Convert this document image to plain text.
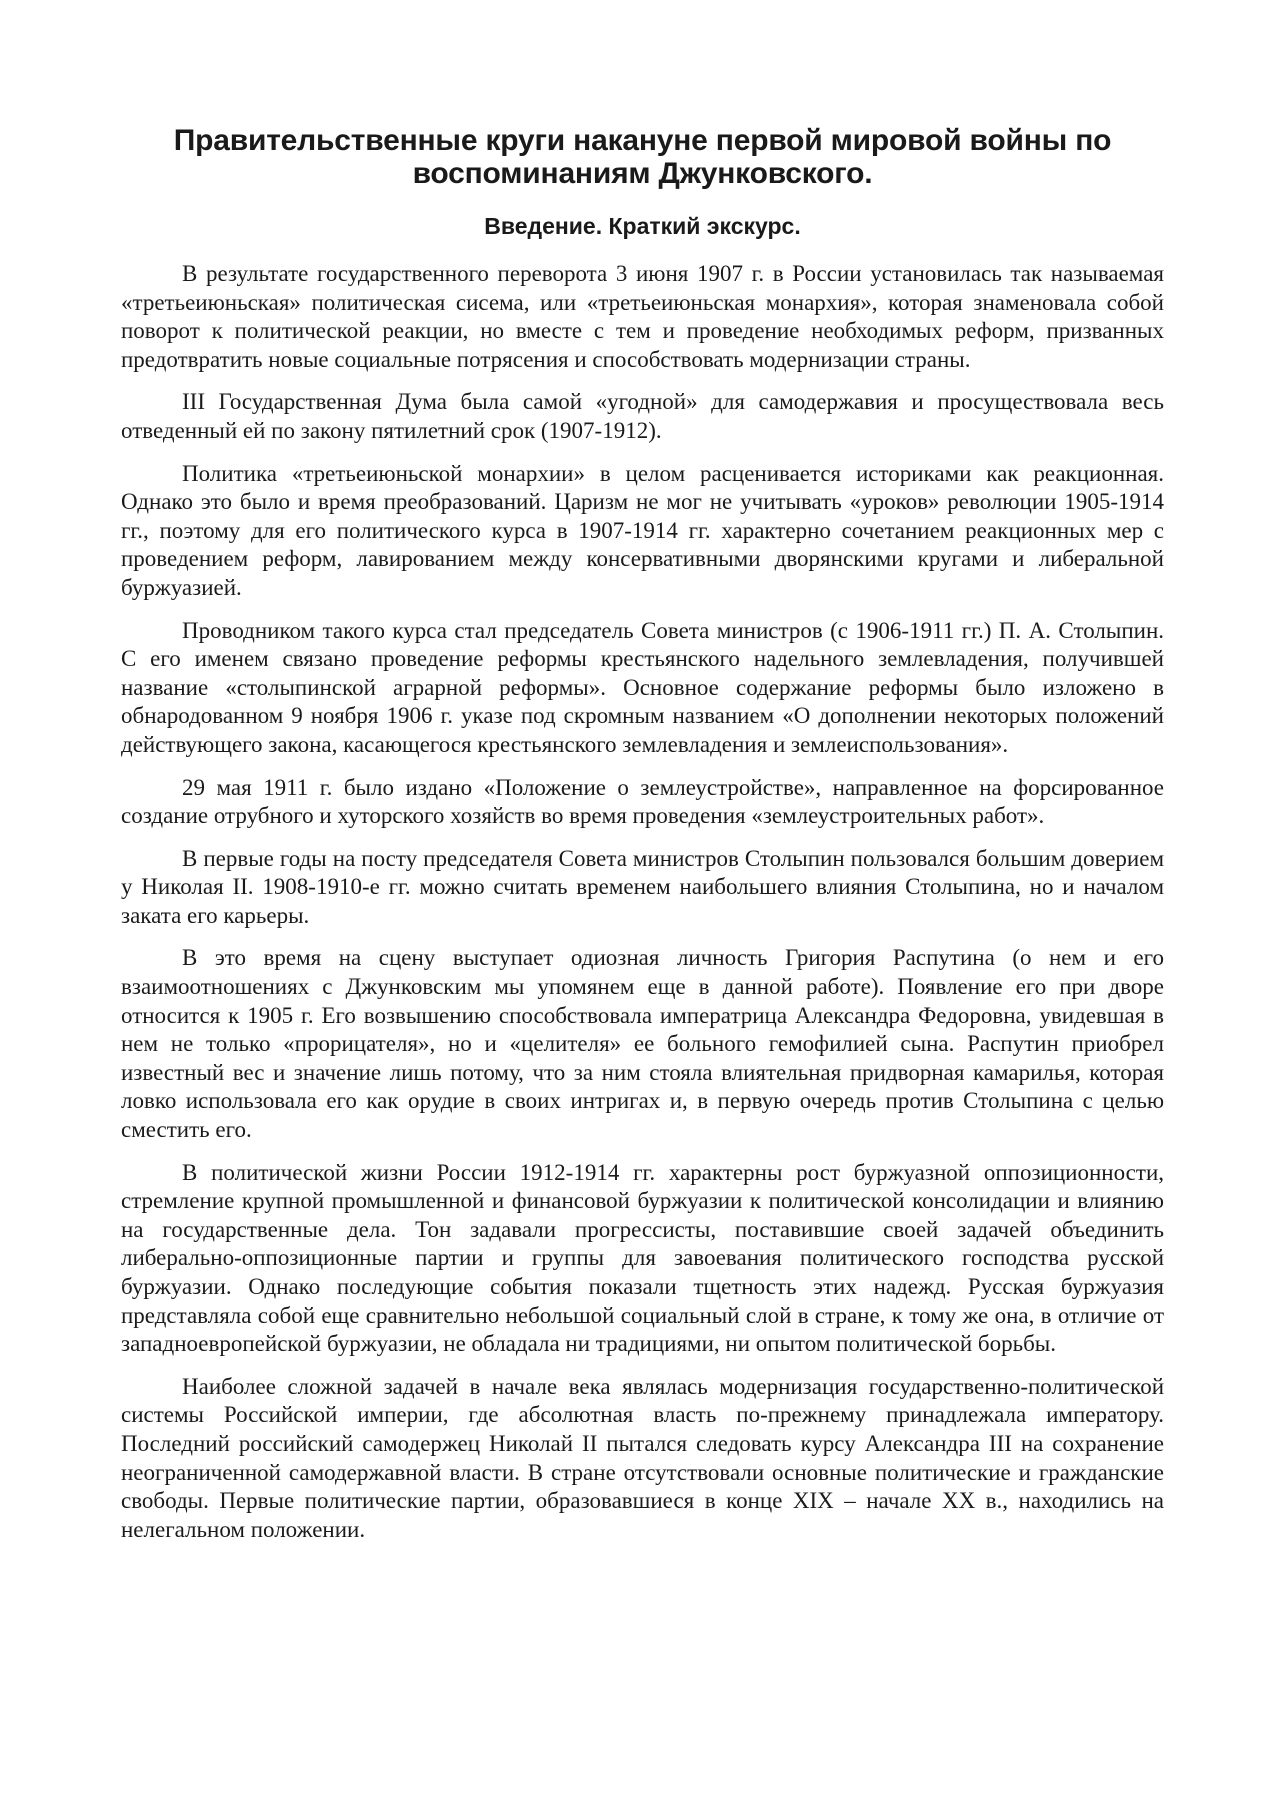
Правительственные круги накануне первой мировой войны по воспоминаниям Джунковского.
Введение. Краткий экскурс.

В результате государственного переворота 3 июня 1907 г. в России установилась так называемая «третьеиюньская» политическая сисема, или «третьеиюньская монархия», которая знаменовала собой поворот к политической реакции, но вместе с тем и проведение необходимых реформ, призванных предотвратить новые социальные потрясения и способствовать модернизации страны.

III Государственная Дума была самой «угодной» для самодержавия и просуществовала весь отведенный ей по закону пятилетний срок (1907-1912).

Политика «третьеиюньской монархии» в целом расценивается историками как реакционная. Однако это было и время преобразований. Царизм не мог не учитывать «уроков» революции 1905-1914 гг., поэтому для его политического курса в 1907-1914 гг. характерно сочетанием реакционных мер с проведением реформ, лавированием между консервативными дворянскими кругами и либеральной буржуазией.

Проводником такого курса стал председатель Совета министров (с 1906-1911 гг.) П. А. Столыпин. С его именем связано проведение реформы крестьянского надельного землевладения, получившей название «столыпинской аграрной реформы». Основное содержание реформы было изложено в обнародованном 9 ноября 1906 г. указе под скромным названием «О дополнении некоторых положений действующего закона, касающегося крестьянского землевладения и землеиспользования».

29 мая 1911 г. было издано «Положение о землеустройстве», направленное на форсированное создание отрубного и хуторского хозяйств во время проведения «землеустроительных работ».

В первые годы на посту председателя Совета министров Столыпин пользовался большим доверием у Николая II. 1908-1910-е гг. можно считать временем наибольшего влияния Столыпина, но и началом заката его карьеры.

В это время на сцену выступает одиозная личность Григория Распутина (о нем и его взаимоотношениях с Джунковским мы упомянем еще в данной работе). Появление его при дворе относится к 1905 г. Его возвышению способствовала императрица Александра Федоровна, увидевшая в нем не только «прорицателя», но и «целителя» ее больного гемофилией сына. Распутин приобрел известный вес и значение лишь потому, что за ним стояла влиятельная придворная камарилья, которая ловко использовала его как орудие в своих интригах и, в первую очередь против Столыпина с целью сместить его.

В политической жизни России 1912-1914 гг. характерны рост буржуазной оппозиционности, стремление крупной промышленной и финансовой буржуазии к политической консолидации и влиянию на государственные дела. Тон задавали прогрессисты, поставившие своей задачей объединить либерально-оппозиционные партии и группы для завоевания политического господства русской буржуазии. Однако последующие события показали тщетность этих надежд. Русская буржуазия представляла собой еще сравнительно небольшой социальный слой в стране, к тому же она, в отличие от западноевропейской буржуазии, не обладала ни традициями, ни опытом политической борьбы.

Наиболее сложной задачей в начале века являлась модернизация государственно-политической системы Российской империи, где абсолютная власть по-прежнему принадлежала императору. Последний российский самодержец Николай II пытался следовать курсу Александра III на сохранение неограниченной самодержавной власти. В стране отсутствовали основные политические и гражданские свободы. Первые политические партии, образовавшиеся в конце XIX – начале XX в., находились на нелегальном положении.
